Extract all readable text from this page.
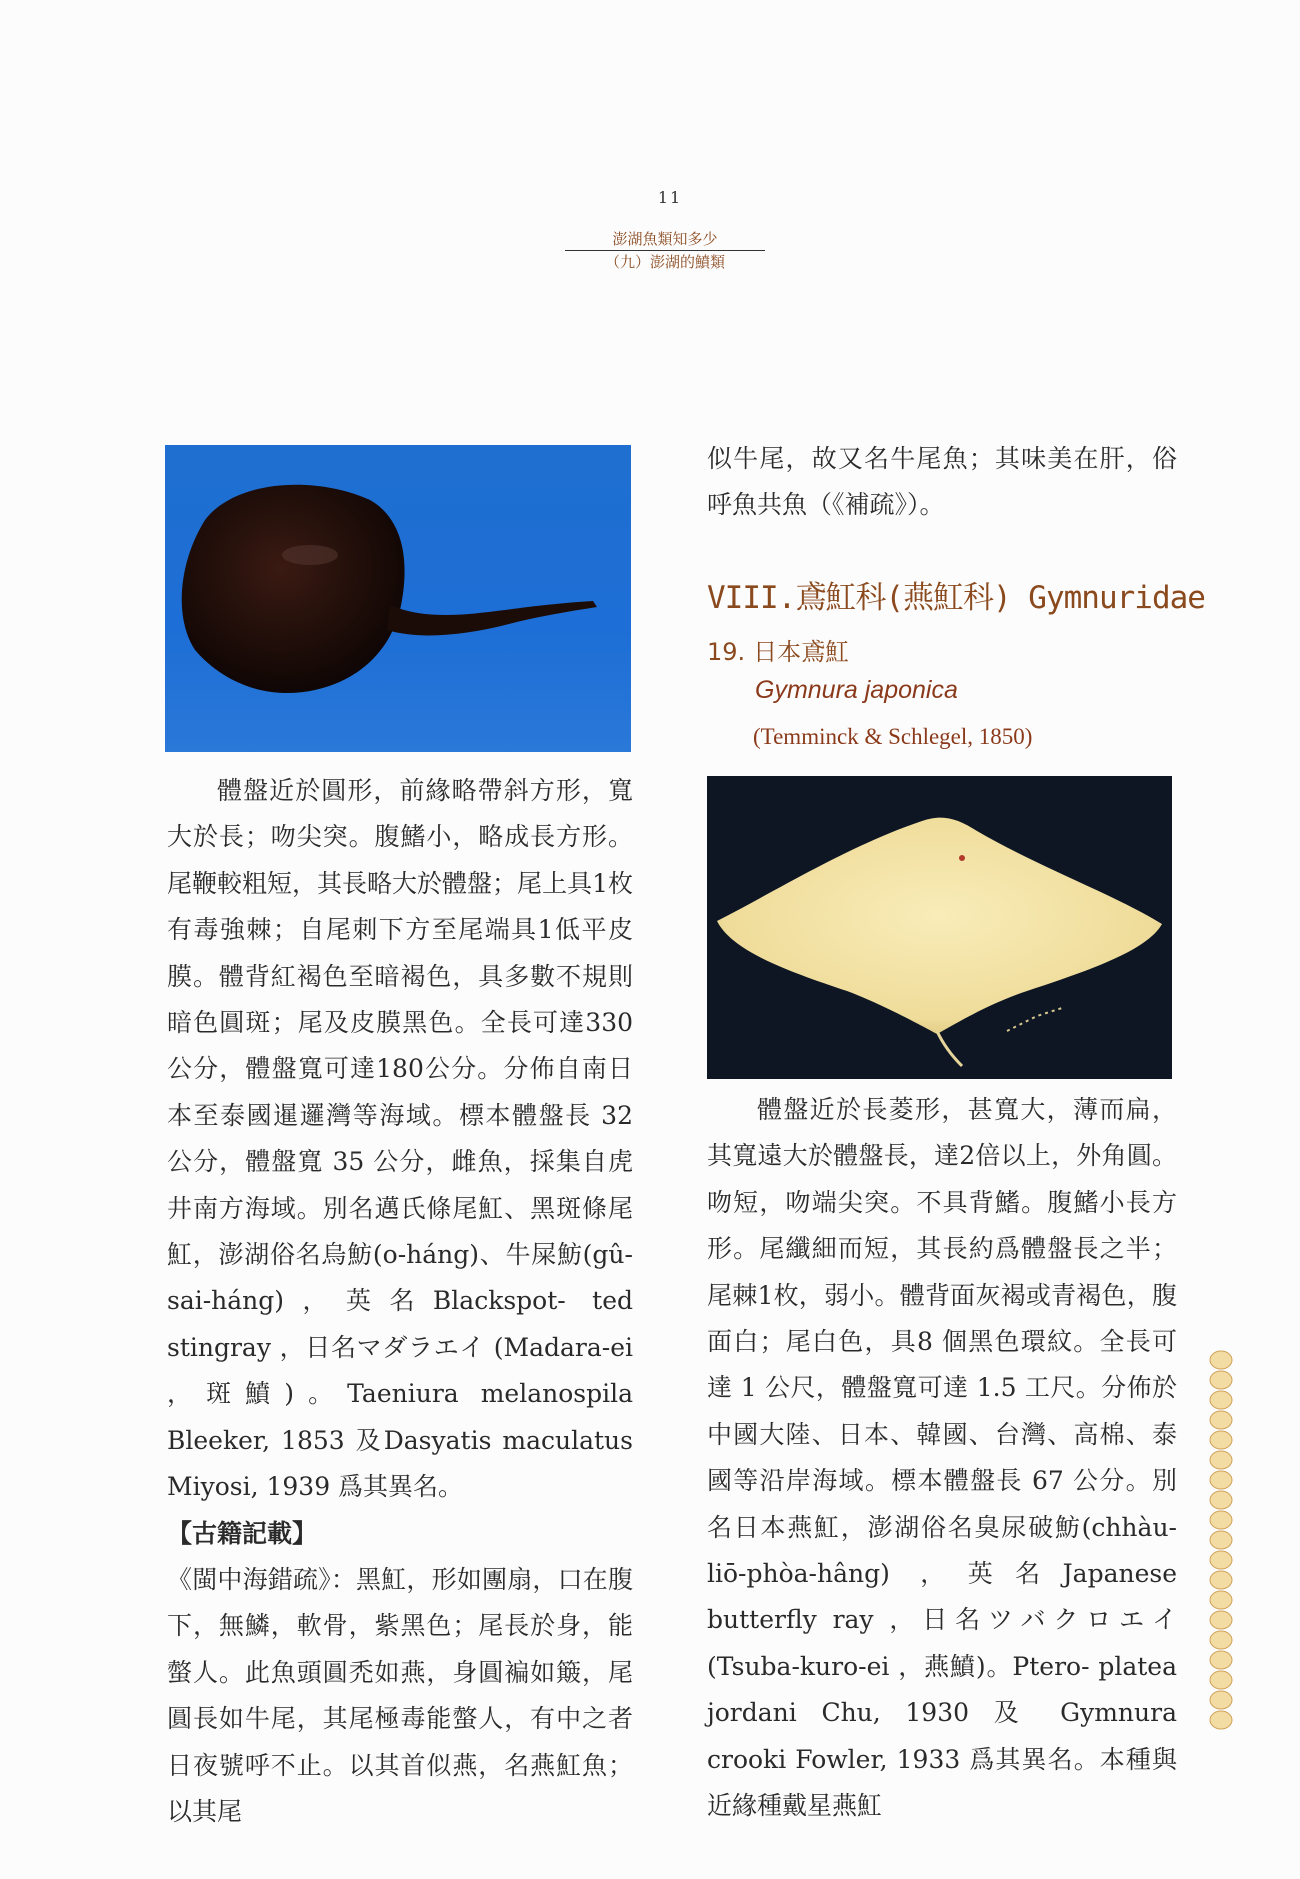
11
澎湖魚類知多少
（九）澎湖的鱝類

體盤近於圓形，前緣略帶斜方形，寬大於長；吻尖突。腹鰭小，略成長方形。尾鞭較粗短，其長略大於體盤；尾上具1枚有毒強棘；自尾刺下方至尾端具1低平皮膜。體背紅褐色至暗褐色，具多數不規則暗色圓斑；尾及皮膜黑色。全長可達330公分，體盤寬可達180公分。分佈自南日本至泰國暹邏灣等海域。標本體盤長 32 公分，體盤寬 35 公分，雌魚，採集自虎井南方海域。別名邁氏條尾魟、黑斑條尾魟，澎湖俗名烏魴(o-háng)、牛屎魴(gû-sai-háng)，英名Blackspot- ted stingray ，日名マダラエイ (Madara-ei ，斑鱝)。Taeniura melanospila Bleeker, 1853 及Dasyatis maculatus Miyosi, 1939 爲其異名。

【古籍記載】

《閩中海錯疏》：黑魟，形如團扇，口在腹下，無鱗，軟骨，紫黑色；尾長於身，能螫人。此魚頭圓禿如燕，身圓褊如簸，尾圓長如牛尾，其尾極毒能螫人，有中之者日夜號呼不止。以其首似燕，名燕魟魚；以其尾

似牛尾，故又名牛尾魚；其味美在肝，俗呼魚共魚（《補疏》）。

VIII.鳶魟科(燕魟科) Gymnuridae
19. 日本鳶魟
Gymnura japonica
(Temminck & Schlegel, 1850)

體盤近於長菱形，甚寬大，薄而扁，其寬遠大於體盤長，達2倍以上，外角圓。吻短，吻端尖突。不具背鰭。腹鰭小長方形。尾纖細而短，其長約爲體盤長之半；尾棘1枚，弱小。體背面灰褐或青褐色，腹面白；尾白色，具8 個黑色環紋。全長可達 1 公尺，體盤寬可達 1.5 工尺。分佈於中國大陸、日本、韓國、台灣、高棉、泰國等沿岸海域。標本體盤長 67 公分。別名日本燕魟，澎湖俗名臭尿破魴(chhàu-liō-phòa-hâng) ，英名Japanese butterfly ray ，日名ツバクロエイ(Tsuba-kuro-ei ，燕鱝)。Ptero- platea jordani Chu, 1930 及 Gymnura crooki Fowler, 1933 爲其異名。本種與近緣種戴星燕魟
